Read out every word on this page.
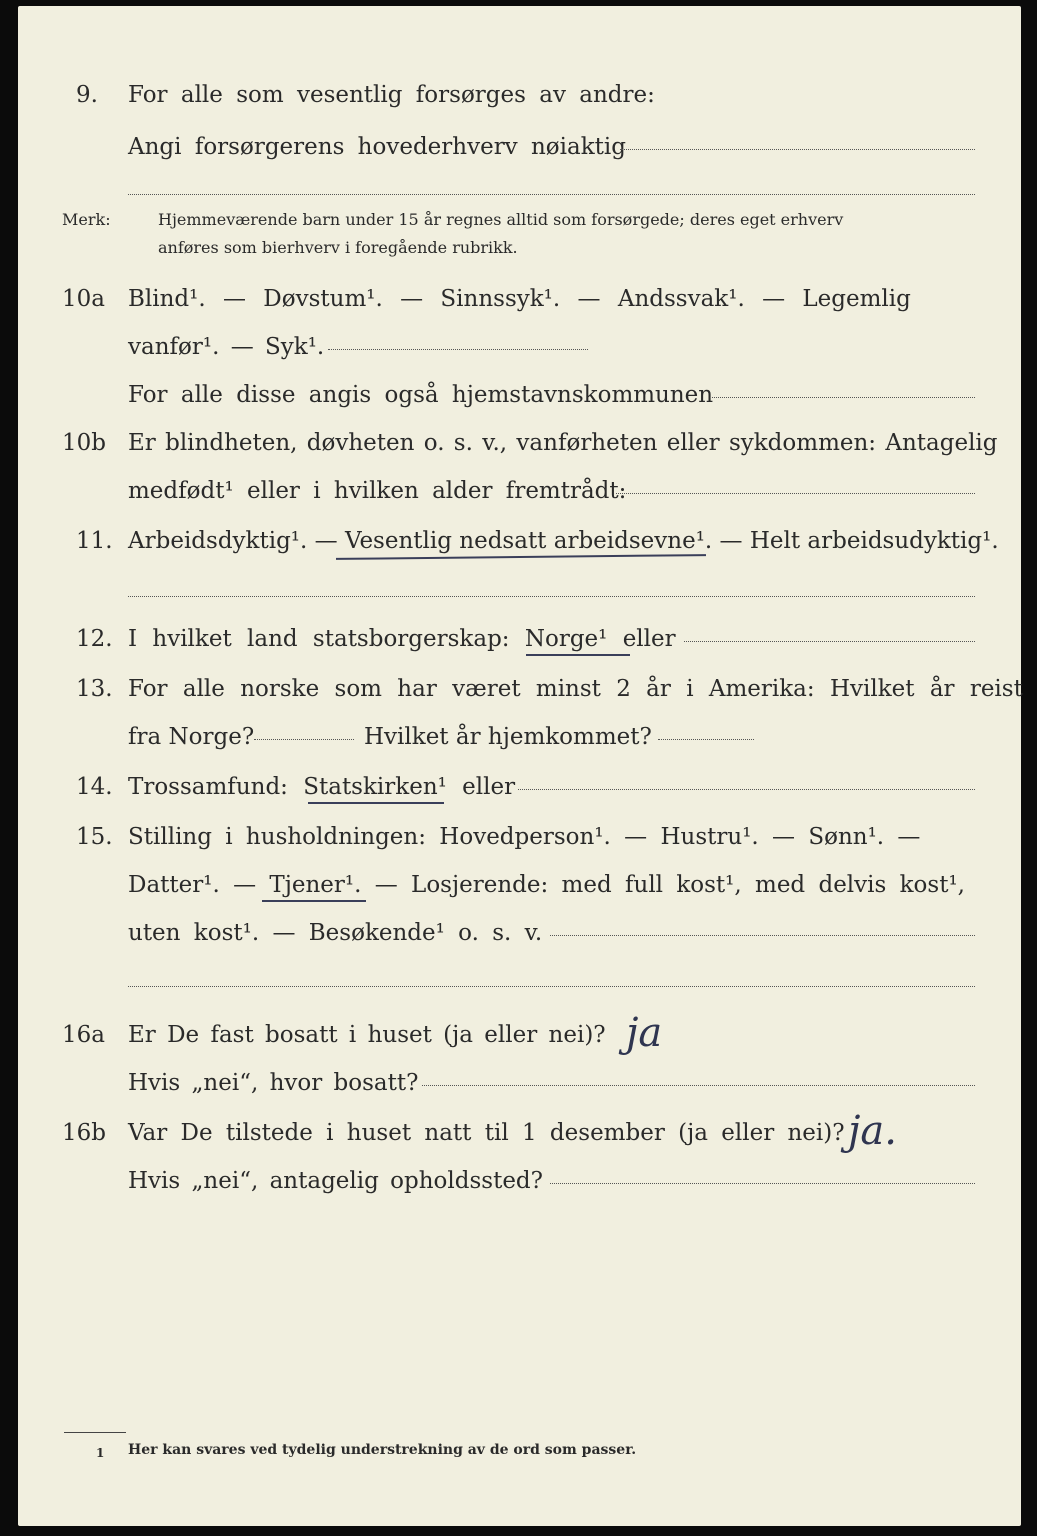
9. For alle som vesentlig forsørges av andre:
Angi forsørgerens hovederhverv nøiaktig
Merk:	Hjemmeværende barn under 15 år regnes alltid som forsørgede; deres eget erhverv
anføres som bierhverv i foregående rubrikk.
10a Blind¹. — Døvstum¹. — Sinnssyk¹. — Andssvak¹. — Legemlig
vanfør¹. — Syk¹.
For alle disse angis også hjemstavnskommunen
10b Er blindheten, døvheten o. s. v., vanførheten eller sykdommen: Antagelig
medfødt¹ eller i hvilken alder fremtrådt:
11. Arbeidsdyktig¹. — Vesentlig nedsatt arbeidsevne¹. — Helt arbeidsudyktig¹.
12. I hvilket land statsborgerskap: Norge¹ eller
13. For alle norske som har været minst 2 år i Amerika: Hvilket år reist
fra Norge?	Hvilket år hjemkommet?
14. Trossamfund: Statskirken¹ eller
15. Stilling i husholdningen: Hovedperson¹. — Hustru¹. — Sønn¹. —
Datter¹. — Tjener¹. — Losjerende: med full kost¹, med delvis kost¹,
uten kost¹. — Besøkende¹ o. s. v.
16a Er De fast bosatt i huset (ja eller nei)? ja
Hvis „nei“, hvor bosatt?
16b Var De tilstede i huset natt til 1 desember (ja eller nei)? ja.
Hvis „nei“, antagelig opholdssted?
1 Her kan svares ved tydelig understrekning av de ord som passer.
